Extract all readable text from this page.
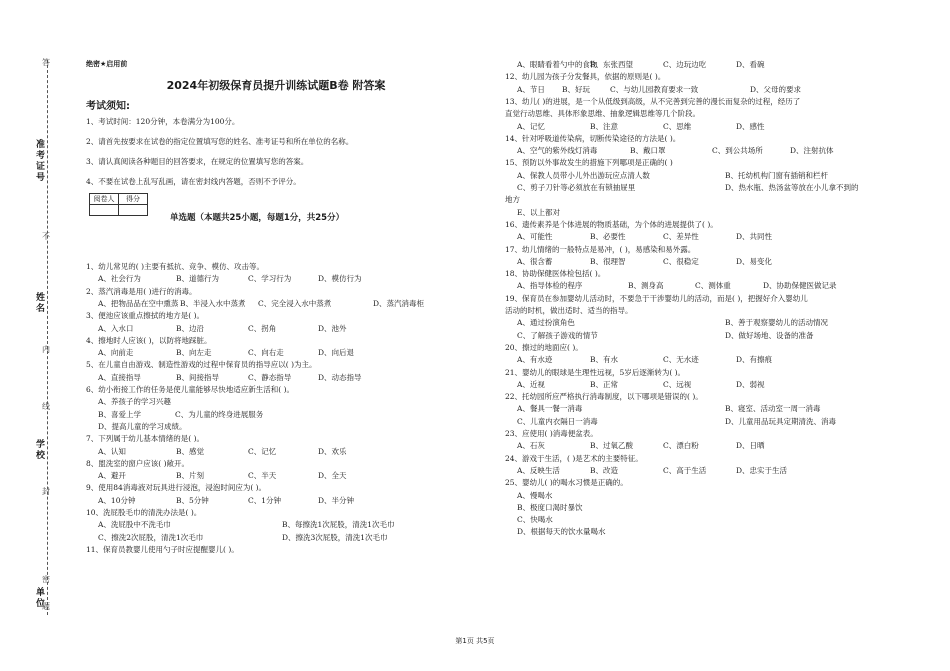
答
准考证号
不
姓名
内
线
学校
封
密
单位
题
绝密★启用前
2024年初级保育员提升训练试题B卷 附答案
考试须知:
1、考试时间：120分钟，本卷满分为100分。
2、请首先按要求在试卷的指定位置填写您的姓名、准考证号和所在单位的名称。
3、请认真阅读各种题目的回答要求，在规定的位置填写您的答案。
4、不要在试卷上乱写乱画，请在密封线内答题，否则不予评分。
阅卷人	得分

单选题（本题共25小题，每题1分，共25分）
1、幼儿常见的( )主要有抵抗、竞争、模仿、攻击等。
A、社会行为	B、道德行为	C、学习行为	D、模仿行为
2、蒸汽消毒是用( )进行的消毒。
A、把物品品在空中熏蒸 B、半浸入水中蒸煮 C、完全浸入水中蒸煮	D、蒸汽消毒柜
3、便池应该重点擦拭的地方是( )。
A、入水口	B、边沿	C、拐角	D、池外
4、擦地时人应该( )，以防将地踩脏。
A、向前走	B、向左走	C、向右走	D、向后退
5、在儿童自由游戏、制造性游戏的过程中保育员的指导应以( )为主。
A、直接指导	B、间接指导	C、静态指导	D、动态指导
6、幼小衔接工作的任务是使儿童能够尽快地适应新生活和( )。
A、养孩子的学习兴趣
B、喜爱上学	C、为儿童的终身进展服务
D、提高儿童的学习成绩。
7、下列属于幼儿基本情绪的是( )。
A、认知	B、感觉	C、记忆	D、欢乐
8、盥洗室的窗户应该( )敞开。
A、避开	B、片刻	C、半天	D、全天
9、使用84消毒液对玩具进行浸泡，浸泡时间应为( )。
A、10分钟	B、5分钟	C、1分钟	D、半分钟
10、洗屁股毛巾的清洗办法是( )。
A、洗屁股中不洗毛巾	B、每擦洗1次屁股，清洗1次毛巾
C、擦洗2次屁股，清洗1次毛巾	D、擦洗3次屁股，清洗1次毛巾
11、保育员教婴儿使用勺子时应提醒婴儿( )。
A、眼睛看着勺中的食物
B、东张西望	C、边玩边吃	D、看碗
12、幼儿园为孩子分发餐具，依据的原则是( )。
A、节日 B、好玩	C、与幼儿园教育要求一致	D、父母的要求
13、幼儿( )的进展，是一个从低级到高级，从不完善到完善的漫长而复杂的过程，经历了
直觉行动思维、具体形象思维、抽象逻辑思维等几个阶段。
A、记忆	B、注意	C、思维	D、感性
14、针对呼吸道传染病，切断传染途径的方法是( )。
A、空气的紫外线灯消毒	B、戴口罩	C、到公共场所	D、注射抗体
15、预防以外事故发生的措施下列哪项是正确的( )
A、保教人员带小儿外出游玩应点清人数	B、托幼机构门窗有插销和栏杆
C、剪子刀针等必须放在有锁抽屉里	D、热水瓶、热汤盆等放在小儿拿不到的
地方
E、以上都对
16、遗传素养是个体进展的物质基础，为个体的进展提供了( )。
A、可能性	B、必要性	C、差异性	D、共同性
17、幼儿情绪的一般特点是易冲，( )，易感染和易外露。
A、很含蓄	B、很理智	C、很稳定	D、易变化
18、协助保健医体检包括( )。
A、指导体检的程序	B、测身高	C、测体重	D、协助保健医做记录
19、保育员在参加婴幼儿活动时，不要急于干涉婴幼儿的活动，而是( )，把握好介入婴幼儿
活动的时机，做出适时、适当的指导。
A、通过扮演角色	B、善于观察婴幼儿的活动情况
C、了解孩子游戏的情节	D、做好场地、设备的准备
20、擦过的地面应( )。
A、有水迹	B、有水	C、无水迹	D、有擦痕
21、婴幼儿的眼球是生理性远视，5岁后逐渐转为( )。
A、近视	B、正常	C、远视	D、弱视
22、托幼园所应严格执行消毒制度，以下哪项是错误的( )。
A、餐具一餐一消毒	B、寝室、活动室一周一消毒
C、儿童内衣隔日一消毒	D、儿童用品玩具定期清洗、消毒
23、应使用( )消毒便盆表。
A、石灰	B、过氧乙酸	C、漂白粉	D、日晒
24、游戏于生活，( )是艺术的主要特征。
A、反映生活	B、改造	C、高于生活	D、忠实于生活
25、婴幼儿( )的喝水习惯是正确的。
A、慢喝水
B、极度口渴时暴饮
C、快喝水
D、根据每天的饮水量喝水
第1页 共5页
